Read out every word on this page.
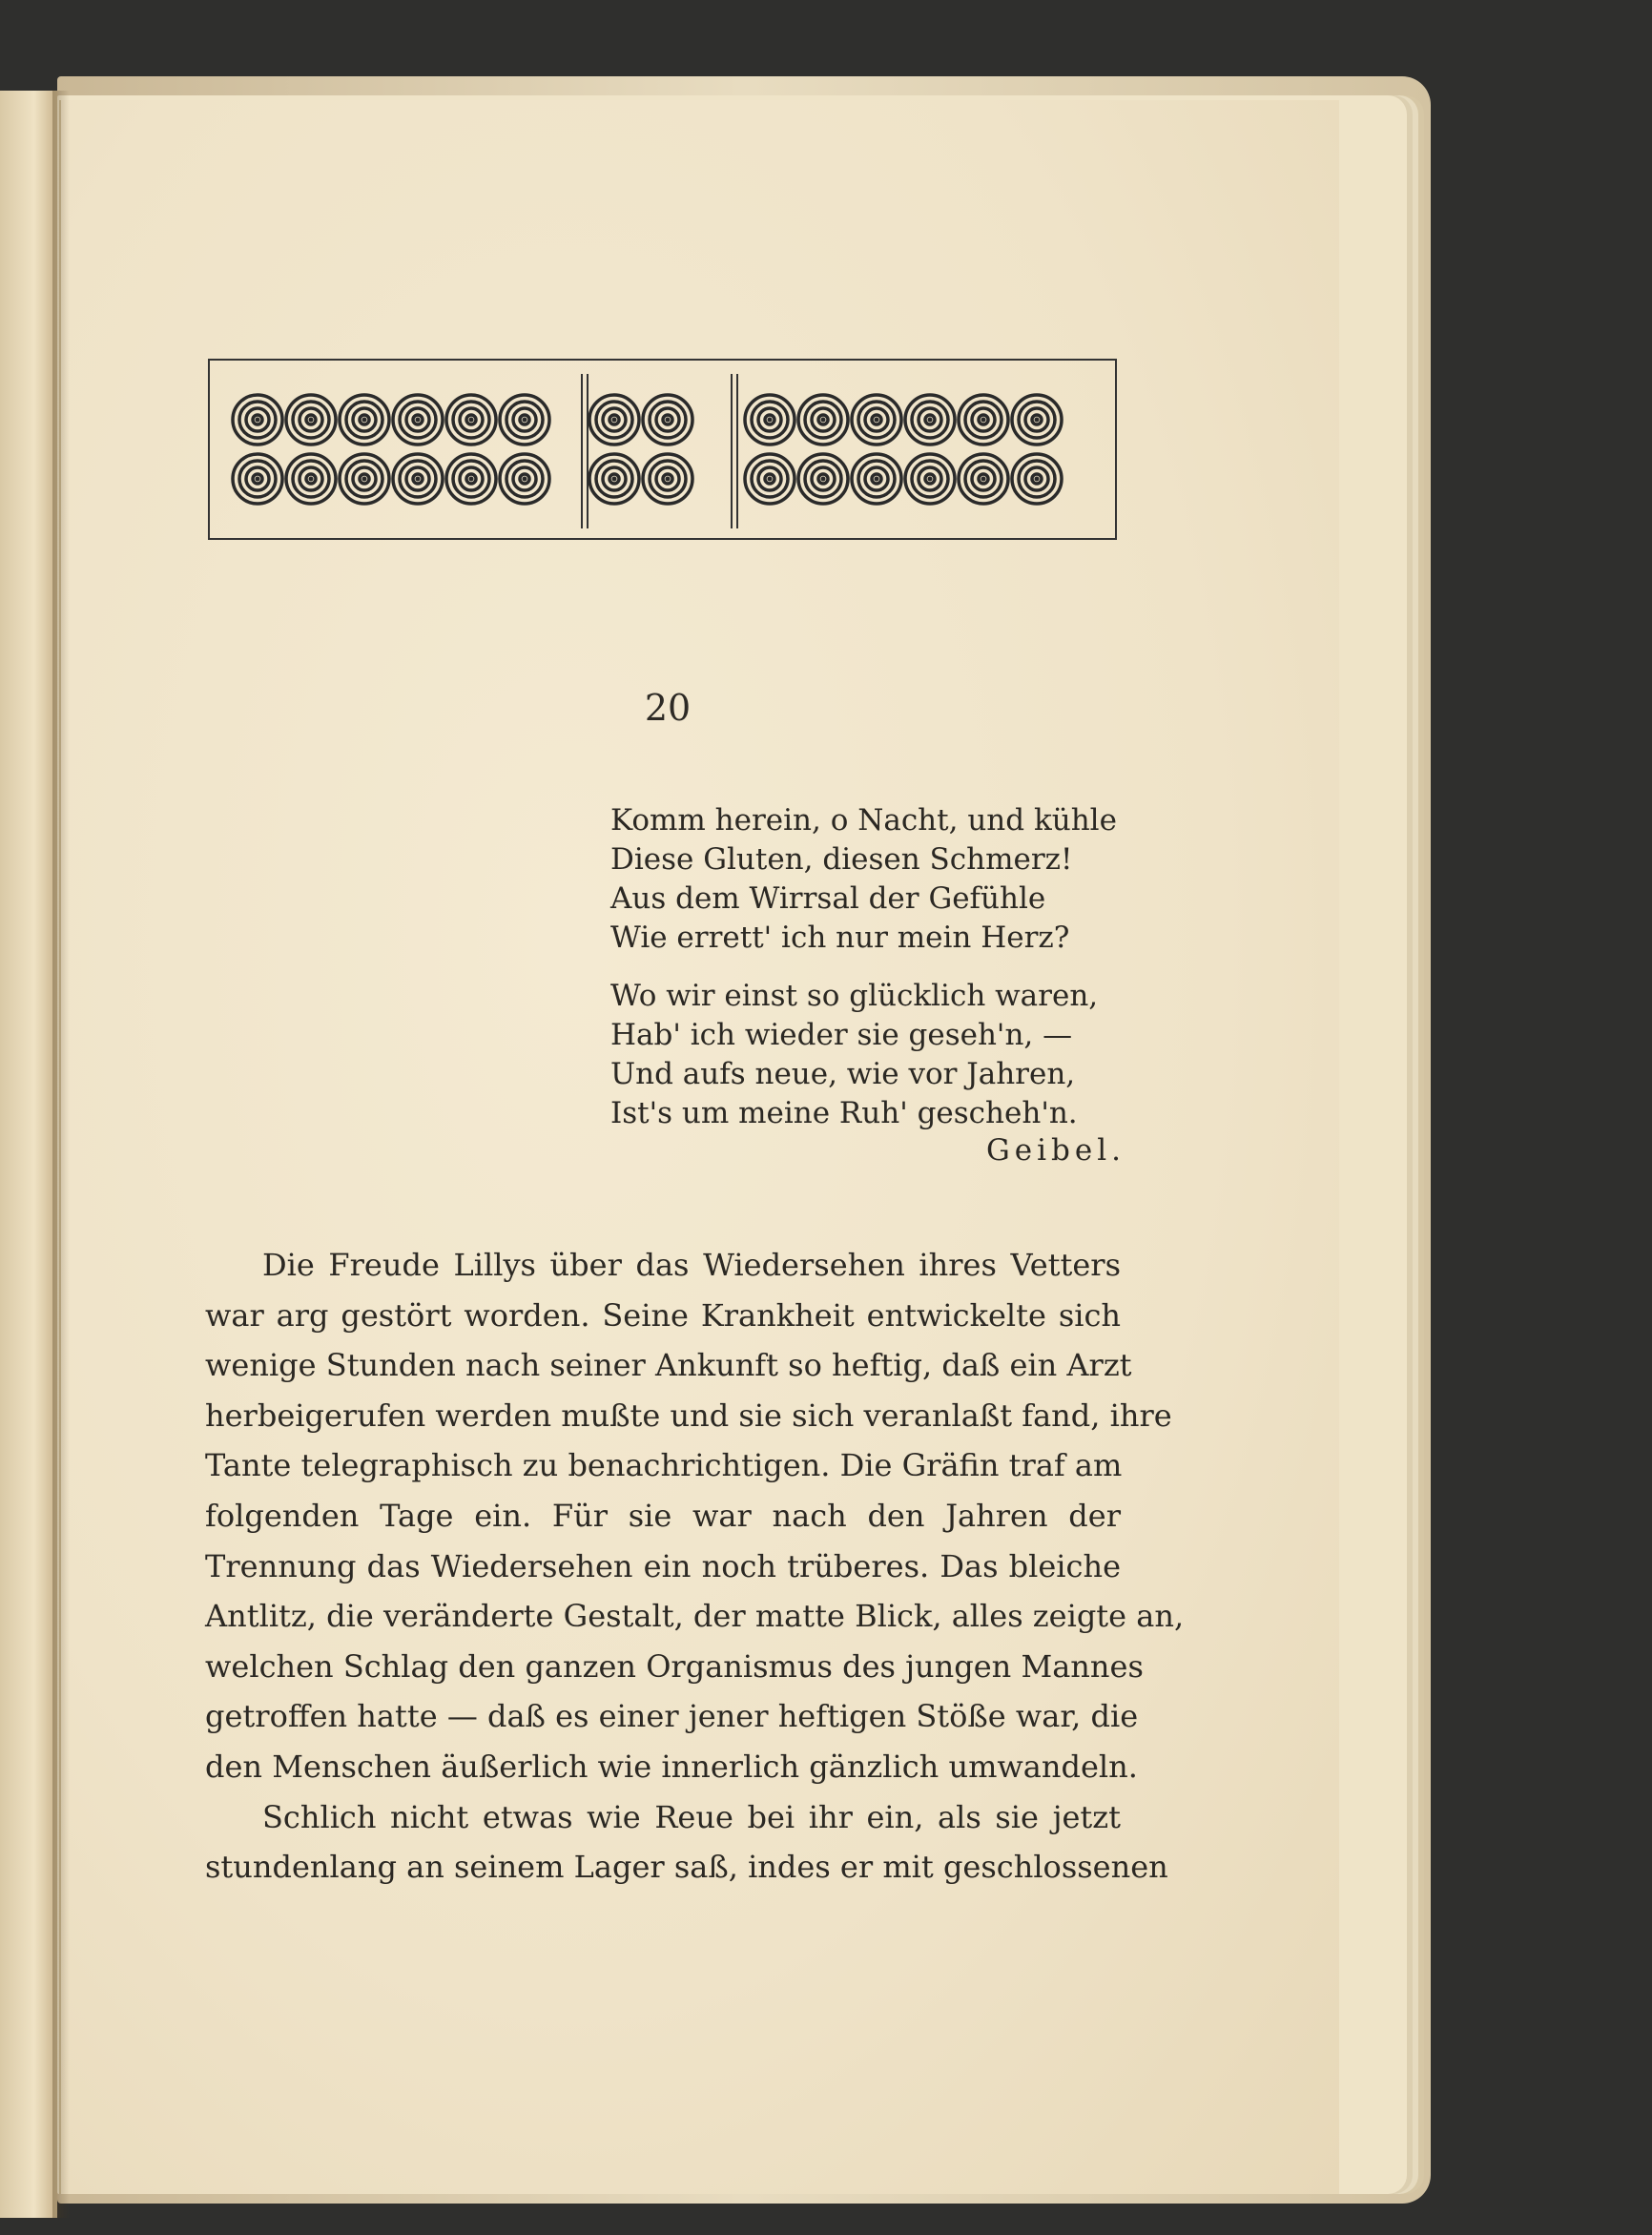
20
Komm herein, o Nacht, und kühle
Diese Gluten, diesen Schmerz!
Aus dem Wirrsal der Gefühle
Wie errett' ich nur mein Herz?
Wo wir einst so glücklich waren,
Hab' ich wieder sie geseh'n, —
Und aufs neue, wie vor Jahren,
Ist's um meine Ruh' gescheh'n.
Geibel.
Die Freude Lillys über das Wiedersehen ihres Vetters
war arg gestört worden. Seine Krankheit entwickelte sich
wenige Stunden nach seiner Ankunft so heftig, daß ein Arzt
herbeigerufen werden mußte und sie sich veranlaßt fand, ihre
Tante telegraphisch zu benachrichtigen. Die Gräfin traf am
folgenden Tage ein. Für sie war nach den Jahren der
Trennung das Wiedersehen ein noch trüberes. Das bleiche
Antlitz, die veränderte Gestalt, der matte Blick, alles zeigte an,
welchen Schlag den ganzen Organismus des jungen Mannes
getroffen hatte — daß es einer jener heftigen Stöße war, die
den Menschen äußerlich wie innerlich gänzlich umwandeln.
Schlich nicht etwas wie Reue bei ihr ein, als sie jetzt
stundenlang an seinem Lager saß, indes er mit geschlossenen
